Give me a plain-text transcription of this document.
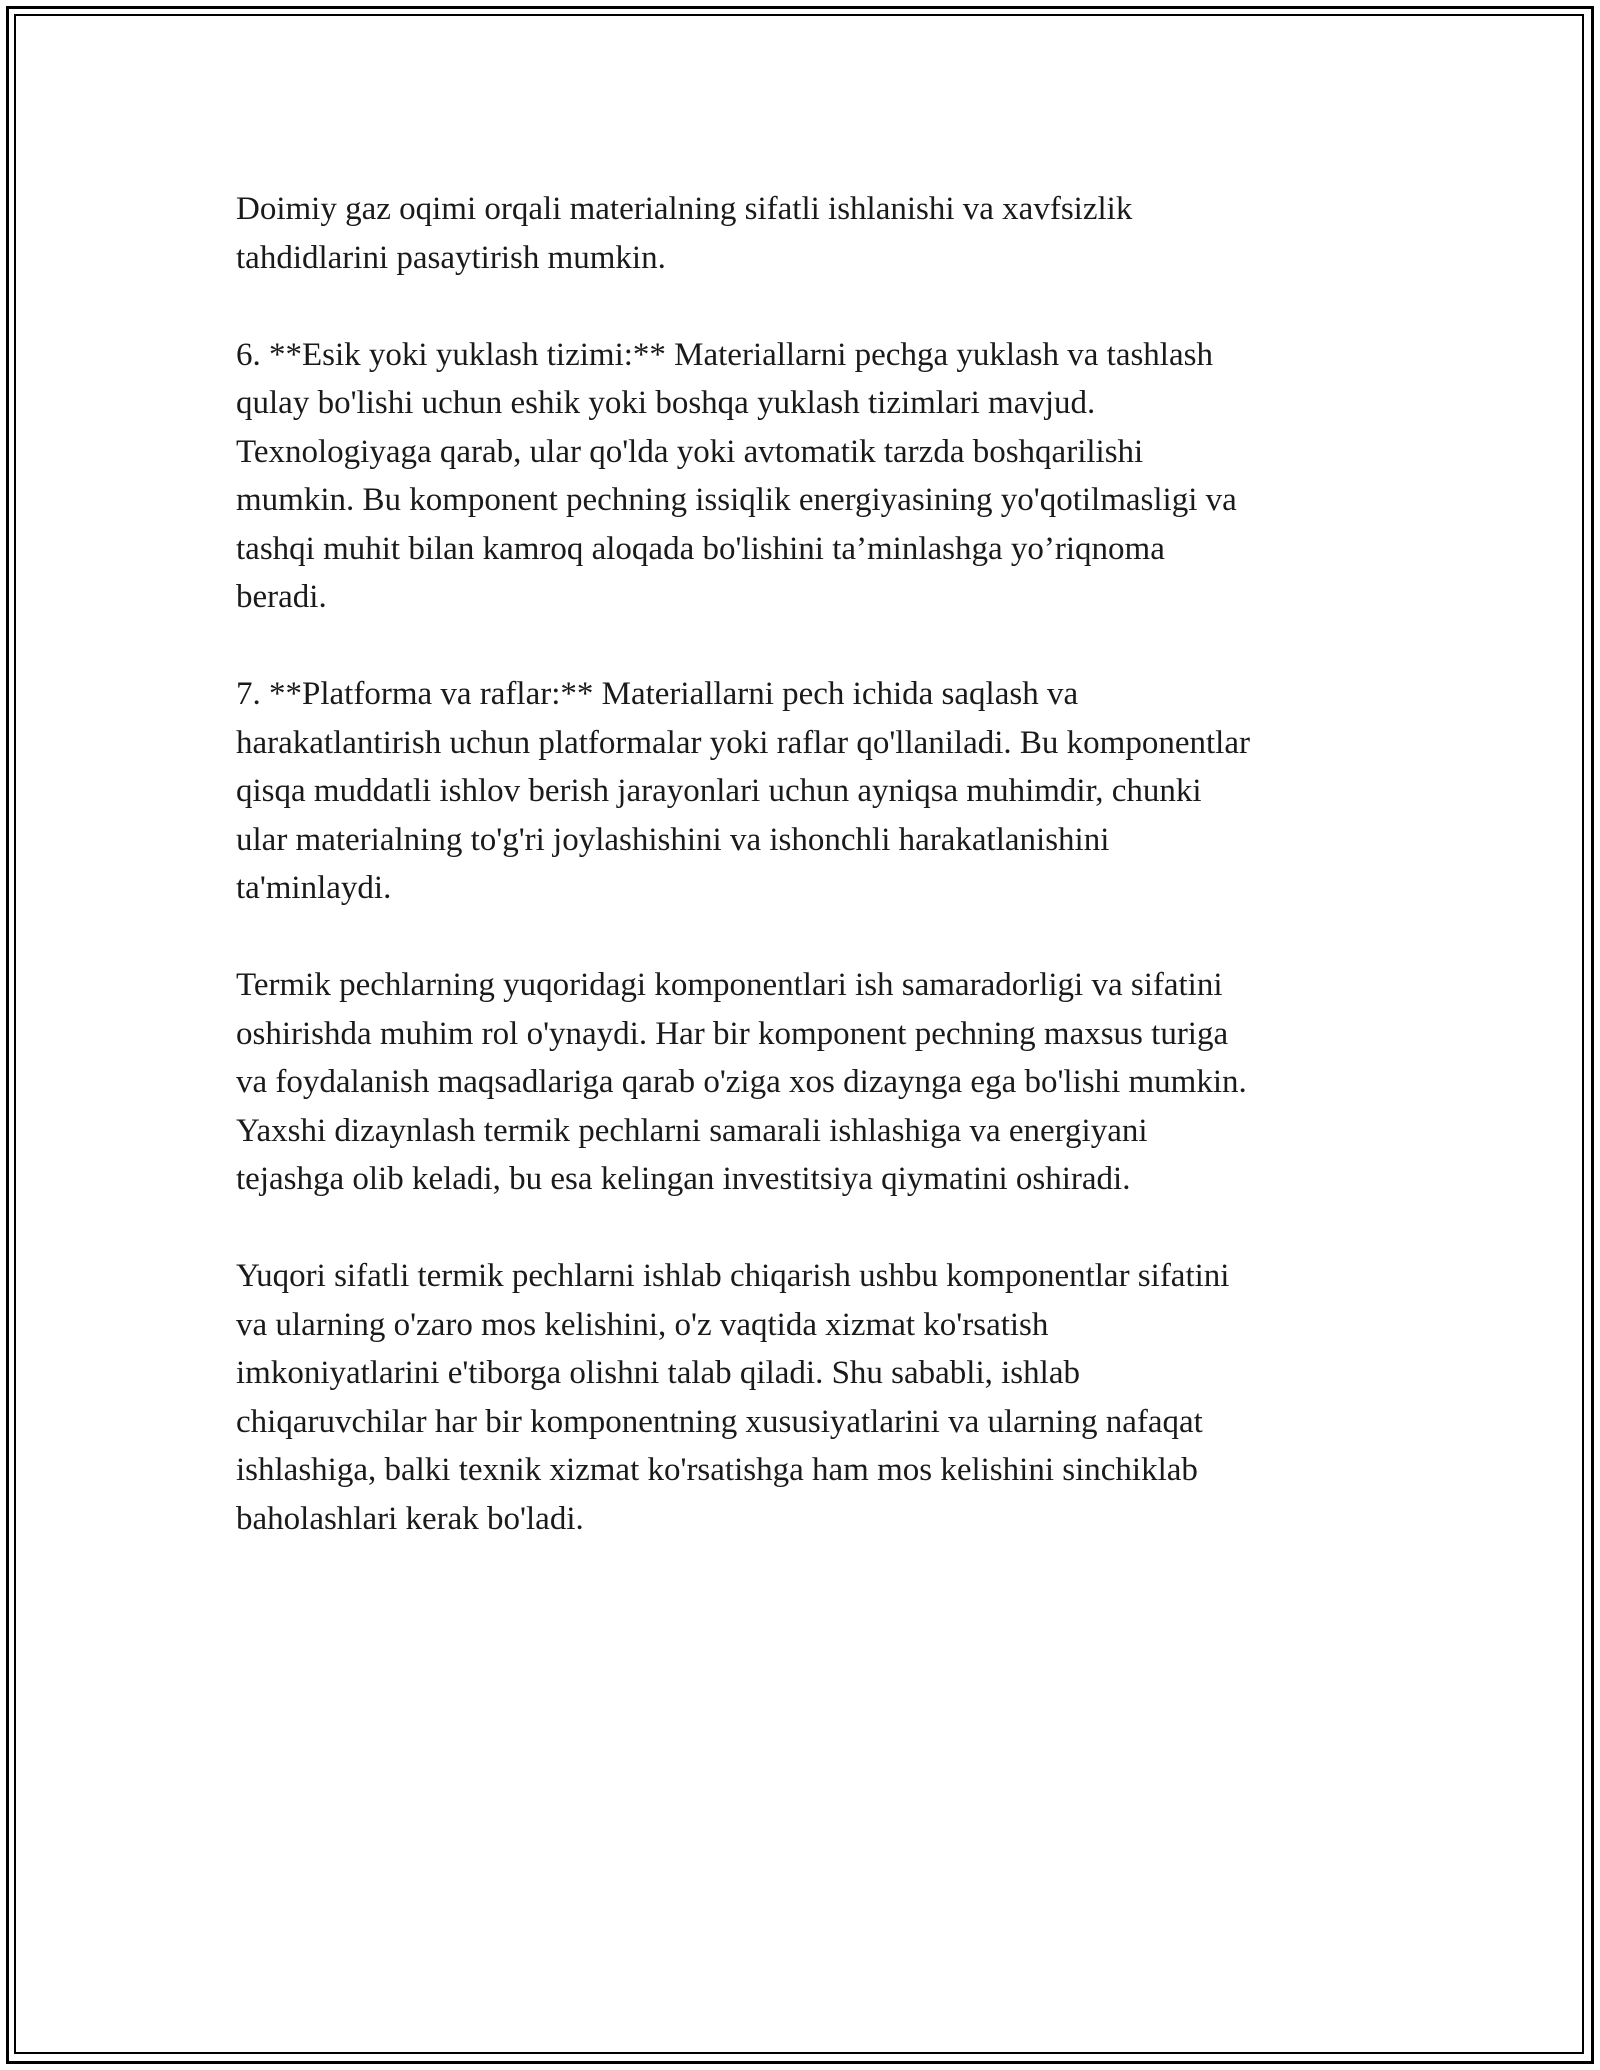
Doimiy gaz oqimi orqali materialning sifatli ishlanishi va xavfsizlik
tahdidlarini pasaytirish mumkin.

6. **Esik yoki yuklash tizimi:** Materiallarni pechga yuklash va tashlash
qulay bo'lishi uchun eshik yoki boshqa yuklash tizimlari mavjud.
Texnologiyaga qarab, ular qo'lda yoki avtomatik tarzda boshqarilishi
mumkin. Bu komponent pechning issiqlik energiyasining yo'qotilmasligi va
tashqi muhit bilan kamroq aloqada bo'lishini ta’minlashga yo’riqnoma
beradi.

7. **Platforma va raflar:** Materiallarni pech ichida saqlash va
harakatlantirish uchun platformalar yoki raflar qo'llaniladi. Bu komponentlar
qisqa muddatli ishlov berish jarayonlari uchun ayniqsa muhimdir, chunki
ular materialning to'g'ri joylashishini va ishonchli harakatlanishini
ta'minlaydi.

Termik pechlarning yuqoridagi komponentlari ish samaradorligi va sifatini
oshirishda muhim rol o'ynaydi. Har bir komponent pechning maxsus turiga
va foydalanish maqsadlariga qarab o'ziga xos dizaynga ega bo'lishi mumkin.
Yaxshi dizaynlash termik pechlarni samarali ishlashiga va energiyani
tejashga olib keladi, bu esa kelingan investitsiya qiymatini oshiradi.

Yuqori sifatli termik pechlarni ishlab chiqarish ushbu komponentlar sifatini
va ularning o'zaro mos kelishini, o'z vaqtida xizmat ko'rsatish
imkoniyatlarini e'tiborga olishni talab qiladi. Shu sababli, ishlab
chiqaruvchilar har bir komponentning xususiyatlarini va ularning nafaqat
ishlashiga, balki texnik xizmat ko'rsatishga ham mos kelishini sinchiklab
baholashlari kerak bo'ladi.
